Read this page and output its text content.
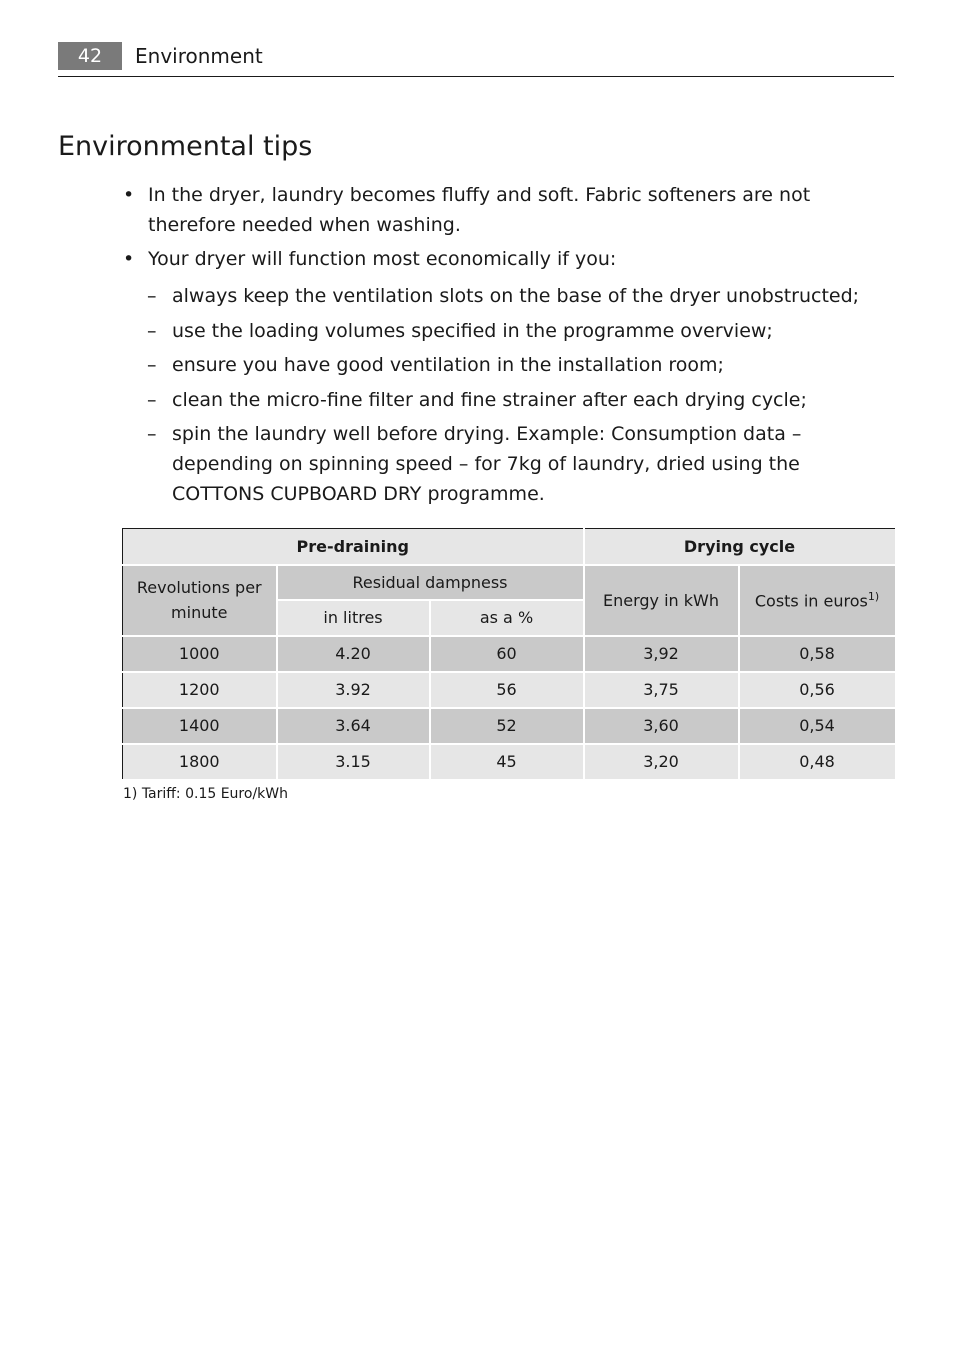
42	Environment
Environmental tips
• In the dryer, laundry becomes fluffy and soft. Fabric softeners are not therefore needed when washing.
• Your dryer will function most economically if you:
– always keep the ventilation slots on the base of the dryer unobstructed;
– use the loading volumes specified in the programme overview;
– ensure you have good ventilation in the installation room;
– clean the micro-fine filter and fine strainer after each drying cycle;
– spin the laundry well before drying. Example: Consumption data – depending on spinning speed – for 7kg of laundry, dried using the COTTONS CUPBOARD DRY programme.
Pre-draining			Drying cycle	
Revolutions per minute	Residual dampness		Energy in kWh	Costs in euros$^{1)}$
	in litres	as a %		
1000	4.20	60	3,92	0,58
1200	3.92	56	3,75	0,56
1400	3.64	52	3,60	0,54
1800	3.15	45	3,20	0,48
1) Tariff: 0.15 Euro/kWh
